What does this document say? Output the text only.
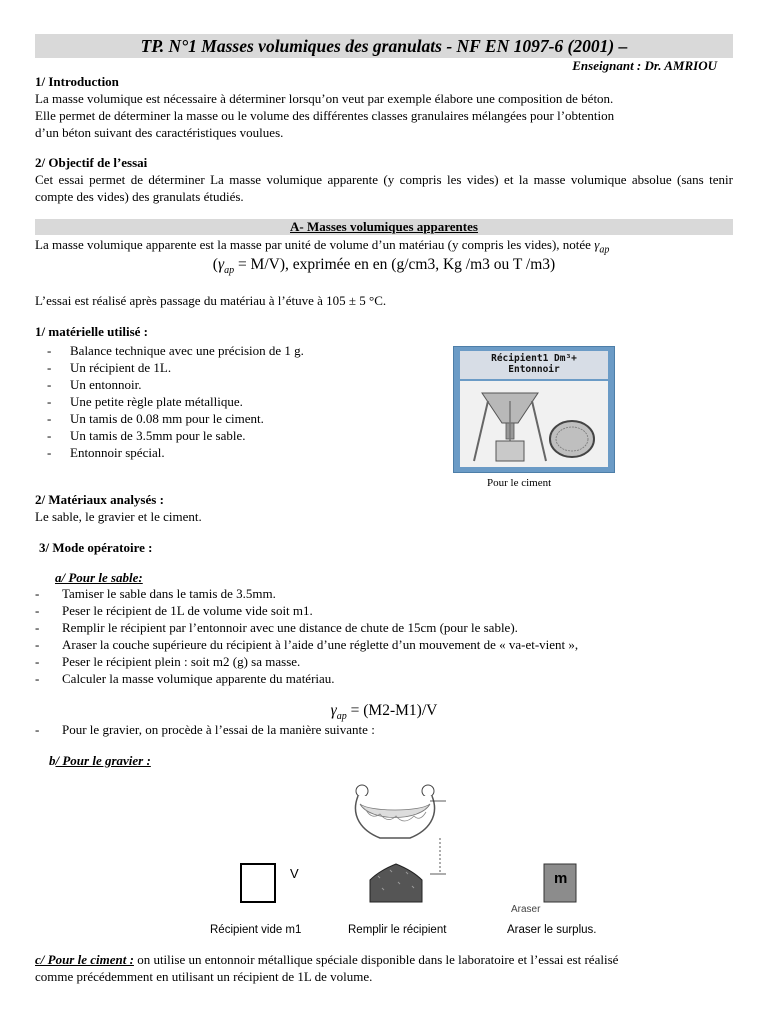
TP. N°1 Masses volumiques des granulats - NF EN 1097-6 (2001) –
Enseignant : Dr. AMRIOU
1/ Introduction
La masse volumique est nécessaire à déterminer lorsqu’on veut par exemple élabore une composition de béton.
Elle permet de déterminer la masse ou le volume des différentes classes granulaires mélangées pour l’obtention
d’un béton suivant des caractéristiques voulues.
2/ Objectif de l’essai
Cet essai permet de déterminer La masse volumique apparente (y compris les vides) et la masse volumique absolue (sans tenir compte des vides) des granulats étudiés.
A- Masses volumiques apparentes
La masse volumique apparente est la masse par unité de volume d’un matériau (y compris les vides), notée $\gamma_{ap}$
$(\gamma_{ap} = M/V)$, exprimée en en (g/cm3, Kg /m3 ou T /m3)
L’essai est réalisé après passage du matériau à l’étuve à 105 ± 5 °C.
1/ matérielle utilisé :
- Balance technique avec une précision de 1 g.
- Un récipient de 1L.
- Un entonnoir.
- Une petite règle plate métallique.
- Un tamis de 0.08 mm pour le ciment.
- Un tamis de 3.5mm pour le sable.
- Entonnoir spécial.
Récipient1 Dm³+
Entonnoir
Pour le ciment
2/ Matériaux analysés :
Le sable, le gravier et le ciment.
3/ Mode opératoire :
a/ Pour le sable:
- Tamiser le sable dans le tamis de 3.5mm.
- Peser le récipient de 1L de volume vide soit m1.
- Remplir le récipient par l’entonnoir avec une distance de chute de 15cm (pour le sable).
- Araser la couche supérieure du récipient à l’aide d’une réglette d’un mouvement de « va-et-vient »,
- Peser le récipient plein : soit m2 (g) sa masse.
- Calculer la masse volumique apparente du matériau.
$\gamma_{ap} = (M2-M1)/V$
- Pour le gravier, on procède à l’essai de la manière suivante :
b/ Pour le gravier :
V	m
Araser
Récipient vide m1	Remplir le récipient	Araser le surplus.
c/ Pour le ciment : on utilise un entonnoir métallique spéciale disponible dans le laboratoire et l’essai est réalisé
comme précédemment en utilisant un récipient de 1L de volume.
